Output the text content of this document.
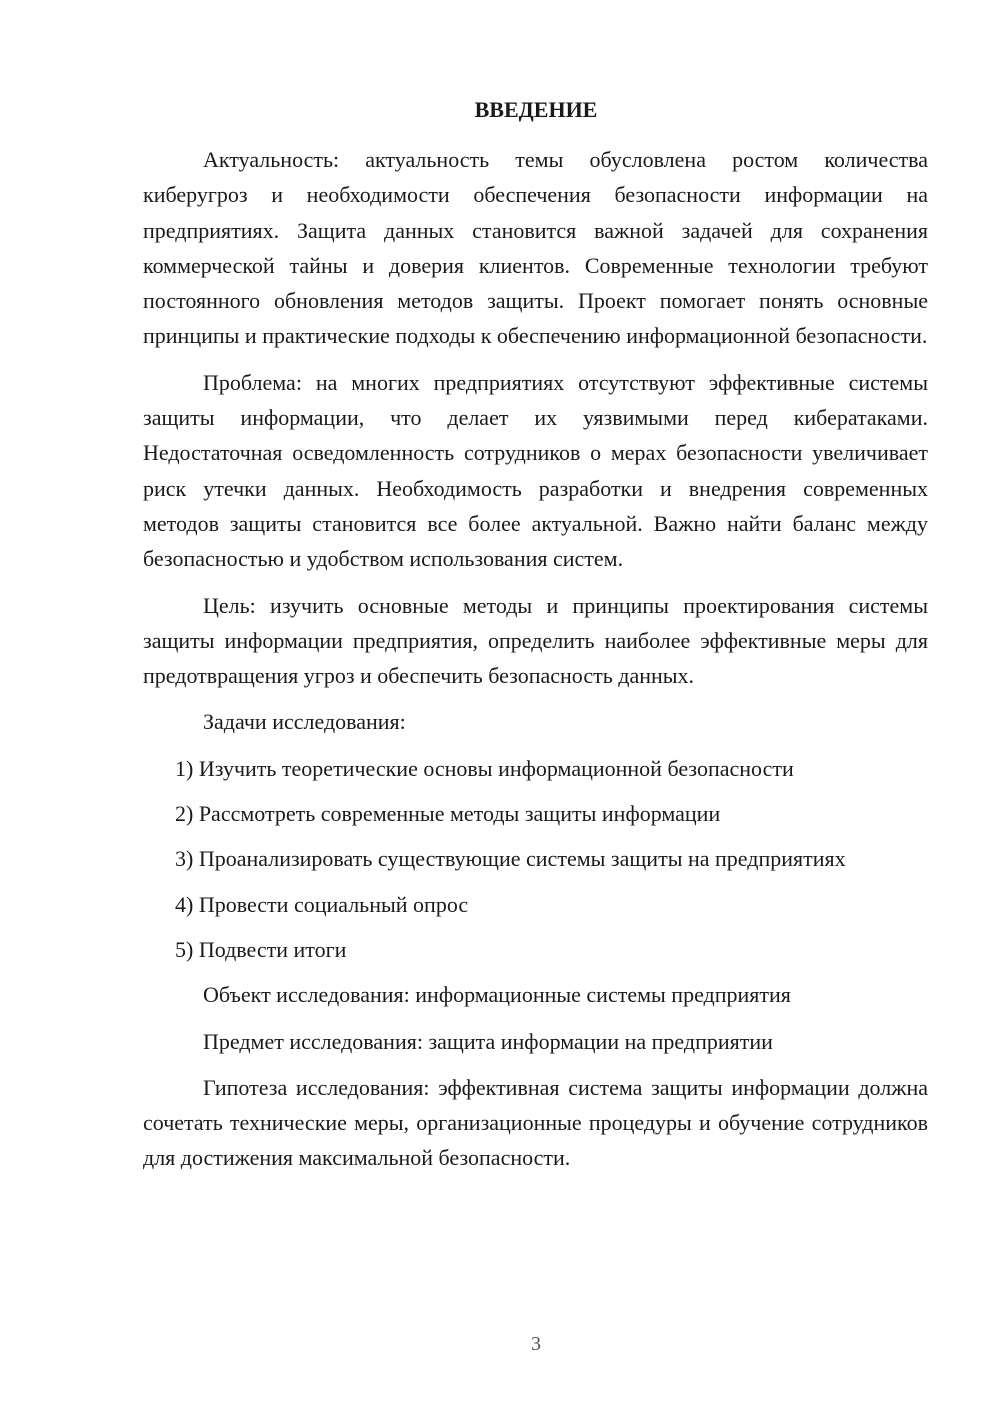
ВВЕДЕНИЕ

Актуальность: актуальность темы обусловлена ростом количества киберугроз и необходимости обеспечения безопасности информации на предприятиях. Защита данных становится важной задачей для сохранения коммерческой тайны и доверия клиентов. Современные технологии требуют постоянного обновления методов защиты. Проект помогает понять основные принципы и практические подходы к обеспечению информационной безопасности.

Проблема: на многих предприятиях отсутствуют эффективные системы защиты информации, что делает их уязвимыми перед кибератаками. Недостаточная осведомленность сотрудников о мерах безопасности увеличивает риск утечки данных. Необходимость разработки и внедрения современных методов защиты становится все более актуальной. Важно найти баланс между безопасностью и удобством использования систем.

Цель: изучить основные методы и принципы проектирования системы защиты информации предприятия, определить наиболее эффективные меры для предотвращения угроз и обеспечить безопасность данных.

Задачи исследования:

1) Изучить теоретические основы информационной безопасности

2) Рассмотреть современные методы защиты информации

3) Проанализировать существующие системы защиты на предприятиях

4) Провести социальный опрос

5) Подвести итоги

Объект исследования: информационные системы предприятия

Предмет исследования: защита информации на предприятии

Гипотеза исследования: эффективная система защиты информации должна сочетать технические меры, организационные процедуры и обучение сотрудников для достижения максимальной безопасности.

3
